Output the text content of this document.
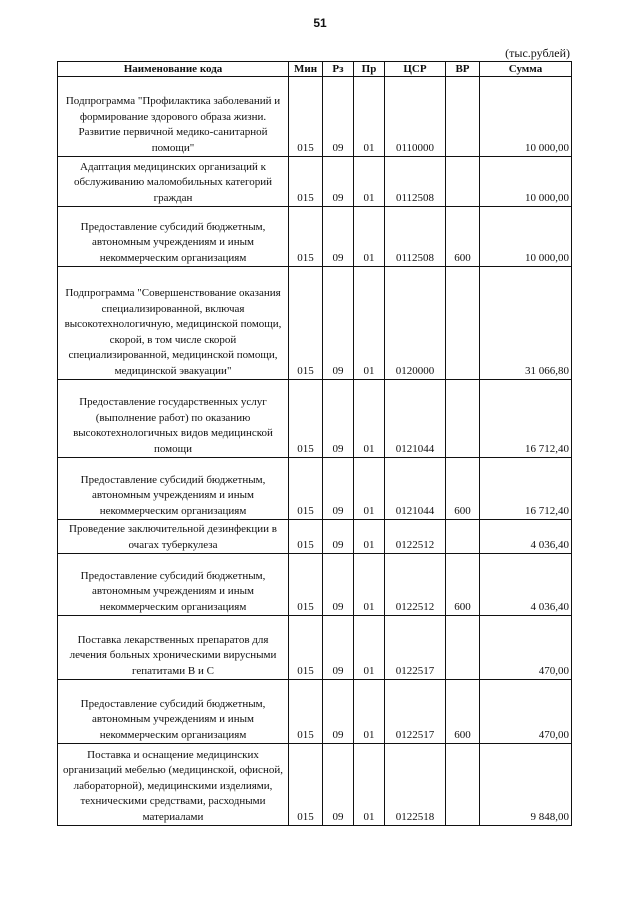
51
(тыс.рублей)
Наименование кода	Мин	Рз	Пр	ЦСР	ВР	Сумма
Подпрограмма "Профилактика заболеваний и формирование здорового образа жизни. Развитие первичной медико-санитарной помощи"	015	09	01	0110000		10 000,00
Адаптация медицинских организаций к обслуживанию маломобильных категорий граждан	015	09	01	0112508		10 000,00
Предоставление субсидий бюджетным, автономным учреждениям и иным некоммерческим организациям	015	09	01	0112508	600	10 000,00
Подпрограмма "Совершенствование оказания специализированной, включая высокотехнологичную, медицинской помощи, скорой, в том числе скорой специализированной, медицинской помощи, медицинской эвакуации"	015	09	01	0120000		31 066,80
Предоставление государственных услуг (выполнение работ) по оказанию высокотехнологичных видов медицинской помощи	015	09	01	0121044		16 712,40
Предоставление субсидий бюджетным, автономным учреждениям и иным некоммерческим организациям	015	09	01	0121044	600	16 712,40
Проведение заключительной дезинфекции в очагах туберкулеза	015	09	01	0122512		4 036,40
Предоставление субсидий бюджетным, автономным учреждениям и иным некоммерческим организациям	015	09	01	0122512	600	4 036,40
Поставка лекарственных препаратов для лечения больных хроническими вирусными гепатитами В и С	015	09	01	0122517		470,00
Предоставление субсидий бюджетным, автономным учреждениям и иным некоммерческим организациям	015	09	01	0122517	600	470,00
Поставка и оснащение медицинских организаций мебелью (медицинской, офисной, лабораторной), медицинскими изделиями, техническими средствами, расходными материалами	015	09	01	0122518		9 848,00
